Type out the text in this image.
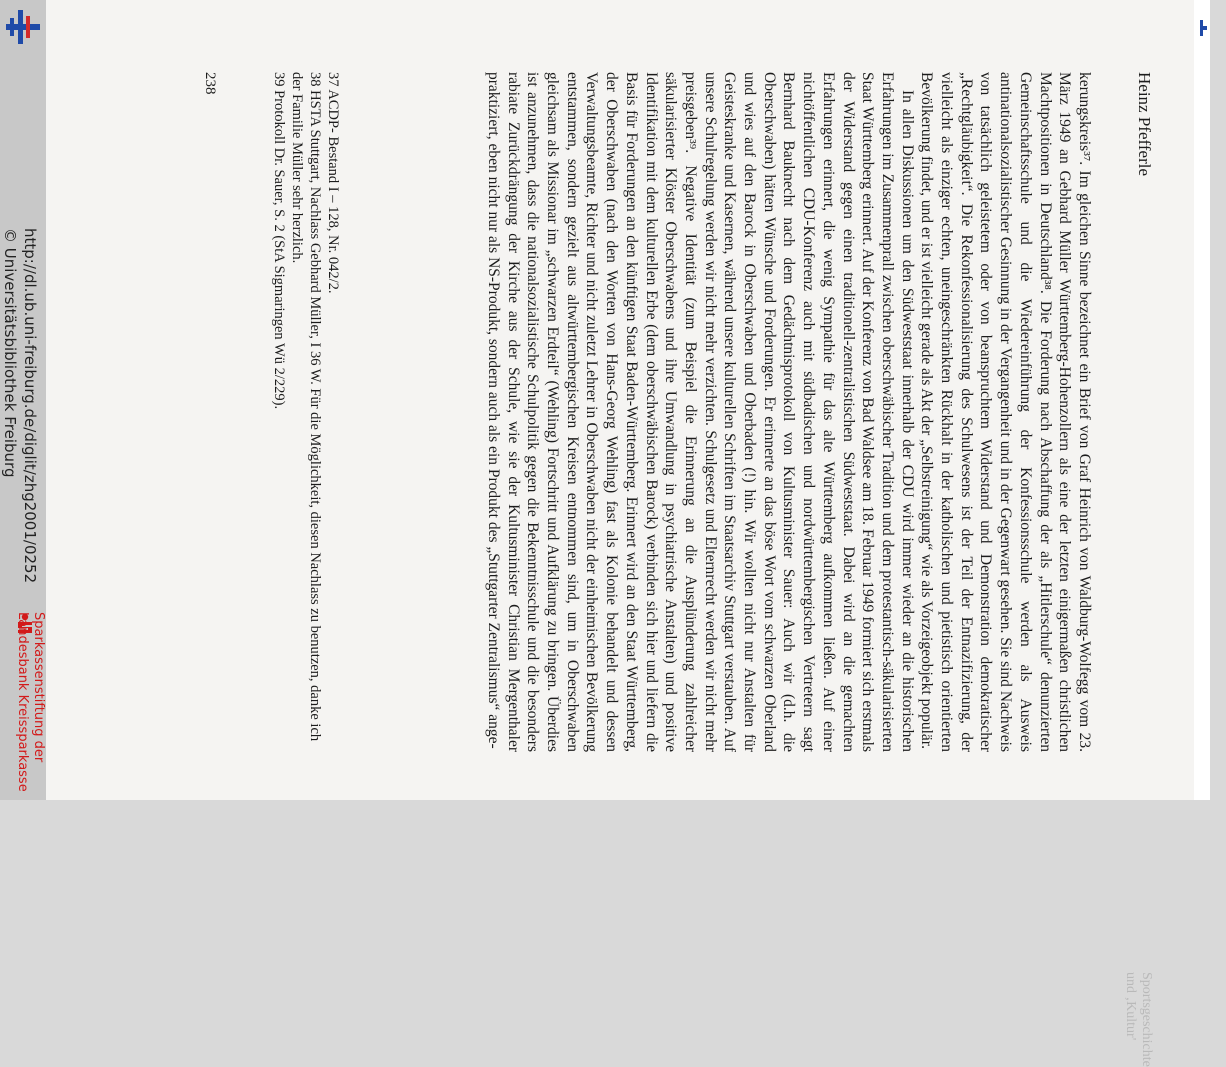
http://dl.ub.uni-freiburg.de/diglit/zhg2001/0252
© Universitätsbibliothek Freiburg
Sparkassenstiftung der
Landesbank Kreissparkasse
Heinz Pfefferle
Sportsgeschichte und ‚Kultur'

kerungskreis³⁷. Im gleichen Sinne bezeichnet ein Brief von Graf Heinrich von Waldburg-Wolfegg vom 23. März 1949 an Gebhard Müller Württemberg-Hohenzollern als eine der letzten einigermaßen christlichen Machtpositionen in Deutschland³⁸. Die Forderung nach Abschaffung der als „Hitlerschule“ denunzierten Gemeinschaftsschule und die Wiedereinführung der Konfessionsschule werden als Ausweis antinationalsozialistischer Gesinnung in der Vergangenheit und in der Gegenwart gesehen. Sie sind Nachweis von tatsächlich geleistetem oder von beanspruchtem Widerstand und Demonstration demokratischer „Rechtgläubigkeit“. Die Rekonfessionalisierung des Schulwesens ist der Teil der Entnazifizierung, der vielleicht als einziger echten, uneingeschränkten Rückhalt in der katholischen und pietistisch orientierten Bevölkerung findet, und er ist vielleicht gerade als Akt der „Selbstreinigung“ wie als Vorzeigeobjekt populär.

In allen Diskussionen um den Südweststaat innerhalb der CDU wird immer wieder an die historischen Erfahrungen im Zusammenprall zwischen oberschwäbischer Tradition und dem protestantisch-säkularisierten Staat Württemberg erinnert. Auf der Konferenz von Bad Waldsee am 18. Februar 1949 formiert sich erstmals der Widerstand gegen einen traditionell-zentralistischen Südweststaat. Dabei wird an die gemachten Erfahrungen erinnert, die wenig Sympathie für das alte Württemberg aufkommen ließen. Auf einer nichtöffentlichen CDU-Konferenz auch mit südbadischen und nordwürttembergischen Vertretern sagt Bernhard Bauknecht nach dem Gedächtnisprotokoll von Kultusminister Sauer: Auch wir (d.h. die Oberschwaben) hätten Wünsche und Forderungen. Er erinnerte an das böse Wort vom schwarzen Oberland und wies auf den Barock in Oberschwaben und Oberbaden (!) hin. Wir wollten nicht nur Anstalten für Geisteskranke und Kasernen, während unsere kulturellen Schriften im Staatsarchiv Stuttgart verstauben. Auf unsere Schulregelung werden wir nicht mehr verzichten. Schulgesetz und Elternrecht werden wir nicht mehr preisgeben³⁹. Negative Identität (zum Beispiel die Erinnerung an die Ausplünderung zahlreicher säkularisierter Klöster Oberschwabens und ihre Umwandlung in psychiatrische Anstalten) und positive Identifikation mit dem kulturellen Erbe (dem oberschwäbischen Barock) verbinden sich hier und liefern die Basis für Forderungen an den künftigen Staat Baden-Württemberg. Erinnert wird an den Staat Württemberg, der Oberschwaben (nach den Worten von Hans-Georg Wehling) fast als Kolonie behandelt und dessen Verwaltungsbeamte, Richter und nicht zuletzt Lehrer in Oberschwaben nicht der einheimischen Bevölkerung entstammen, sondern gezielt aus altwürttembergischen Kreisen entnommen sind, um in Oberschwaben gleichsam als Missionar im „schwarzen Erdteil“ (Wehling) Fortschritt und Aufklärung zu bringen. Überdies ist anzunehmen, dass die nationalsozialistische Schulpolitik gegen die Bekenntnisschule und die besonders rabiate Zurückdrängung der Kirche aus der Schule, wie sie der Kultusminister Christian Mergenthaler praktiziert, eben nicht nur als NS-Produkt, sondern auch als ein Produkt des „Stuttgarter Zentralismus“ ange-

37 ACDP- Bestand I – 128, Nr. 042/2.
38 HSTA Stuttgart, Nachlass Gebhard Müller, I 36 W. Für die Möglichkeit, diesen Nachlass zu benutzen, danke ich der Familie Müller sehr herzlich.
39 Protokoll Dr. Sauer, S. 2 (StA Sigmaringen Wü 2/229).
238
